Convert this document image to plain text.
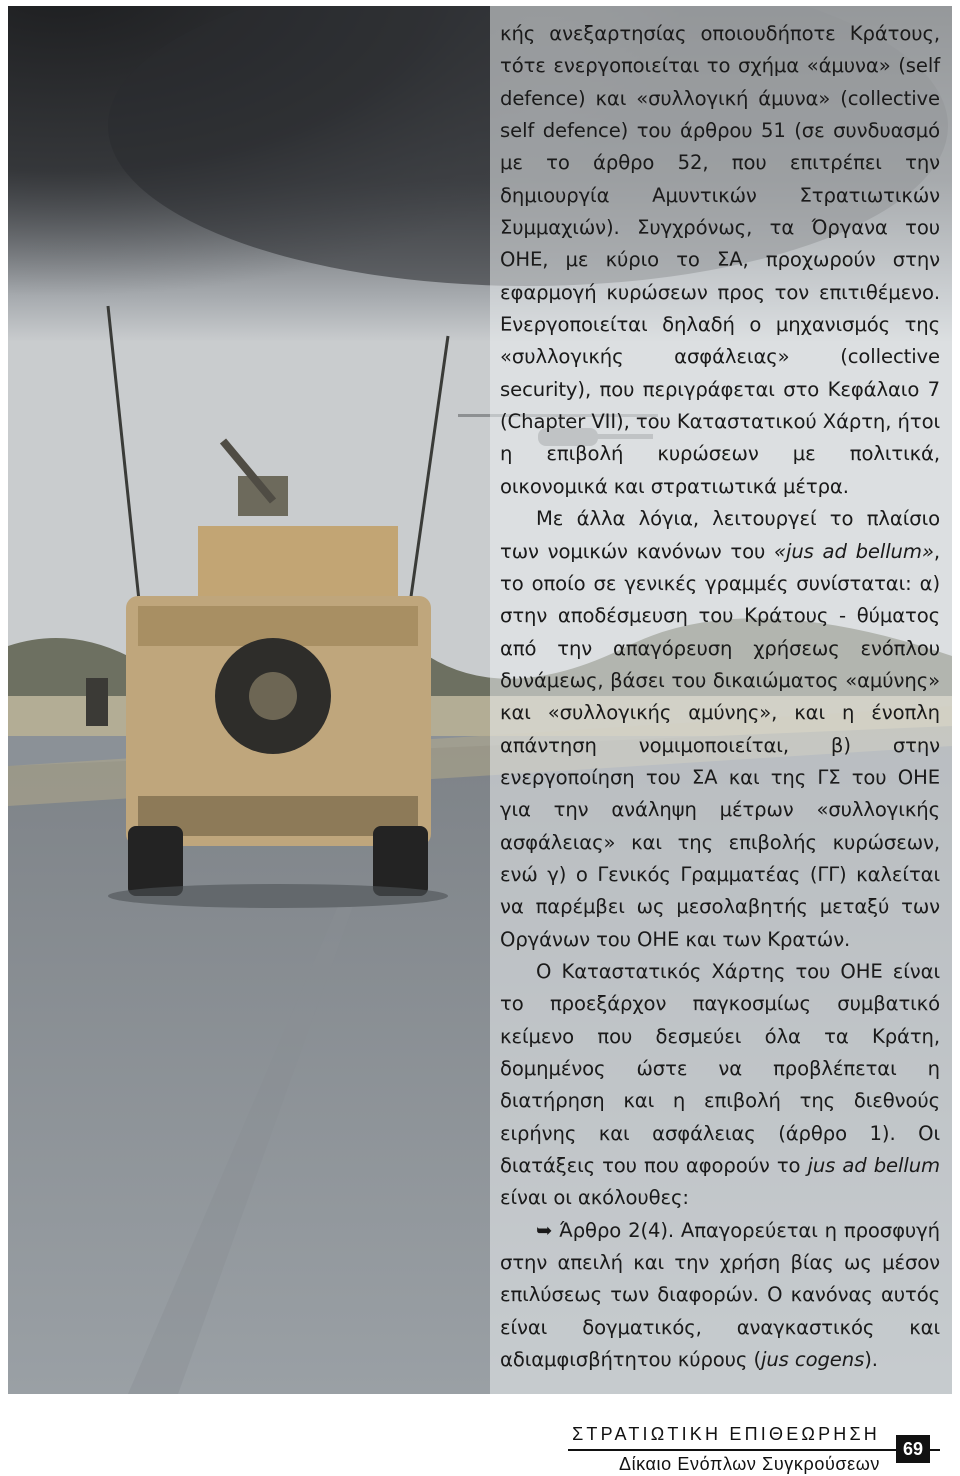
κής ανεξαρτησίας οποιουδήποτε Κράτους, τότε ενεργοποιείται το σχήμα «άμυνα» (self defence) και «συλλογική άμυνα» (collective self defence) του άρθρου 51 (σε συνδυασμό με το άρθρο 52, που επιτρέπει την δημιουργία Αμυντικών Στρατιωτικών Συμμαχιών). Συγχρόνως, τα Όργανα του ΟΗΕ, με κύριο το ΣΑ, προχωρούν στην εφαρμογή κυρώσεων προς τον επιτιθέμενο. Ενεργοποιείται δηλαδή ο μηχανισμός της «συλλογικής ασφάλειας» (collective security), που περιγράφεται στο Κεφάλαιο 7 (Chapter VII), του Καταστατικού Χάρτη, ήτοι η επιβολή κυρώσεων με πολιτικά, οικονομικά και στρατιωτικά μέτρα.

Με άλλα λόγια, λειτουργεί το πλαίσιο των νομικών κανόνων του «jus ad bellum», το οποίο σε γενικές γραμμές συνίσταται: α) στην αποδέσμευση του Κράτους - θύματος από την απαγόρευση χρήσεως ενόπλου δυνάμεως, βάσει του δικαιώματος «αμύνης» και «συλλογικής αμύνης», και η ένοπλη απάντηση νομιμοποιείται, β) στην ενεργοποίηση του ΣΑ και της ΓΣ του ΟΗΕ για την ανάληψη μέτρων «συλλογικής ασφάλειας» και της επιβολής κυρώσεων, ενώ γ) ο Γενικός Γραμματέας (ΓΓ) καλείται να παρέμβει ως μεσολαβητής μεταξύ των Οργάνων του ΟΗΕ και των Κρατών.

Ο Καταστατικός Χάρτης του ΟΗΕ είναι το προεξάρχον παγκοσμίως συμβατικό κείμενο που δεσμεύει όλα τα Κράτη, δομημένος ώστε να προβλέπεται η διατήρηση και η επιβολή της διεθνούς ειρήνης και ασφάλειας (άρθρο 1). Οι διατάξεις του που αφορούν το jus ad bellum είναι οι ακόλουθες:

➥ Άρθρο 2(4). Απαγορεύεται η προσφυγή στην απειλή και την χρήση βίας ως μέσον επιλύσεως των διαφορών. Ο κανόνας αυτός είναι δογματικός, αναγκαστικός και αδιαμφισβήτητου κύρους (jus cogens).

ΣΤΡΑΤΙΩΤΙΚΗ ΕΠΙΘΕΩΡΗΣΗ
69
Δίκαιο Ενόπλων Συγκρούσεων
